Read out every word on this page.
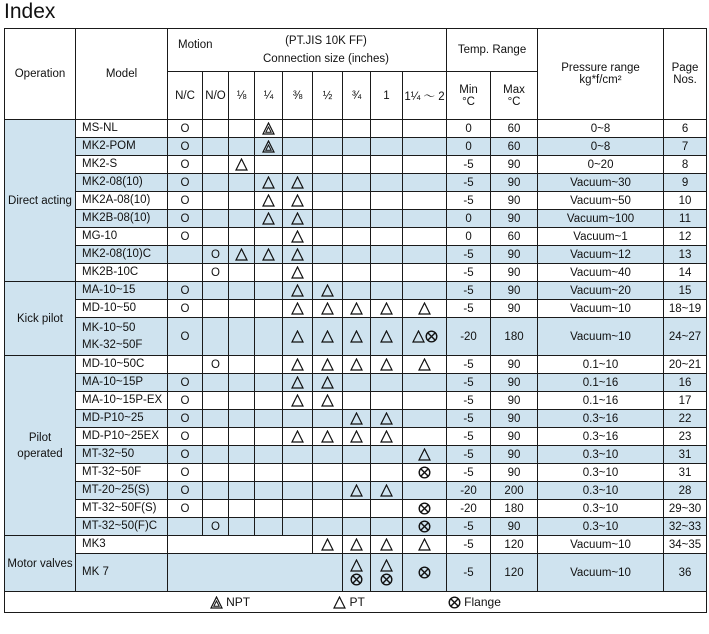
Index
Operation	Model	Motion (PT.JIS 10K FF)
Connection size (inches)									Temp. Range		Pressure range
kg*f/cm²	Page
Nos.
		N/C	N/O	⅛	¼	⅜	½	¾	1	1¼ ～ 2	Min
°C	Max
°C		
Direct acting	MS-NL	O									0	60	0~8	6

	MK2-POM	O									0	60	0~8	7

	MK2-S	O									-5	90	0~20	8

	MK2-08(10)	O									-5	90	Vacuum~30	9

	MK2A-08(10)	O									-5	90	Vacuum~50	10

	MK2B-08(10)	O									0	90	Vacuum~100	11

	MG-10	O									0	60	Vacuum~1	12

	MK2-08(10)C		O								-5	90	Vacuum~12	13

	MK2B-10C		O								-5	90	Vacuum~40	14
Kick pilot	MA-10~15	O									-5	90	Vacuum~20	15

	MD-10~50	O									-5	90	Vacuum~10	18~19

	MK-10~50
MK-32~50F	O									-20	180	Vacuum~10	24~27
Pilot operated	MD-10~50C		O								-5	90	0.1~10	20~21

	MA-10~15P	O									-5	90	0.1~16	16

	MA-10~15P-EX	O									-5	90	0.1~16	17

	MD-P10~25	O									-5	90	0.3~16	22

	MD-P10~25EX	O									-5	90	0.3~16	23

	MT-32~50	O									-5	90	0.3~10	31

	MT-32~50F	O									-5	90	0.3~10	31

	MT-20~25(S)	O									-20	200	0.3~10	28

	MT-32~50F(S)	O									-20	180	0.3~10	29~30

	MT-32~50(F)C		O								-5	90	0.3~10	32~33
Motor valves	MK3										-5	120	Vacuum~10	34~35

	MK 7										-5	120	Vacuum~10	36

NPT PT Flange														
